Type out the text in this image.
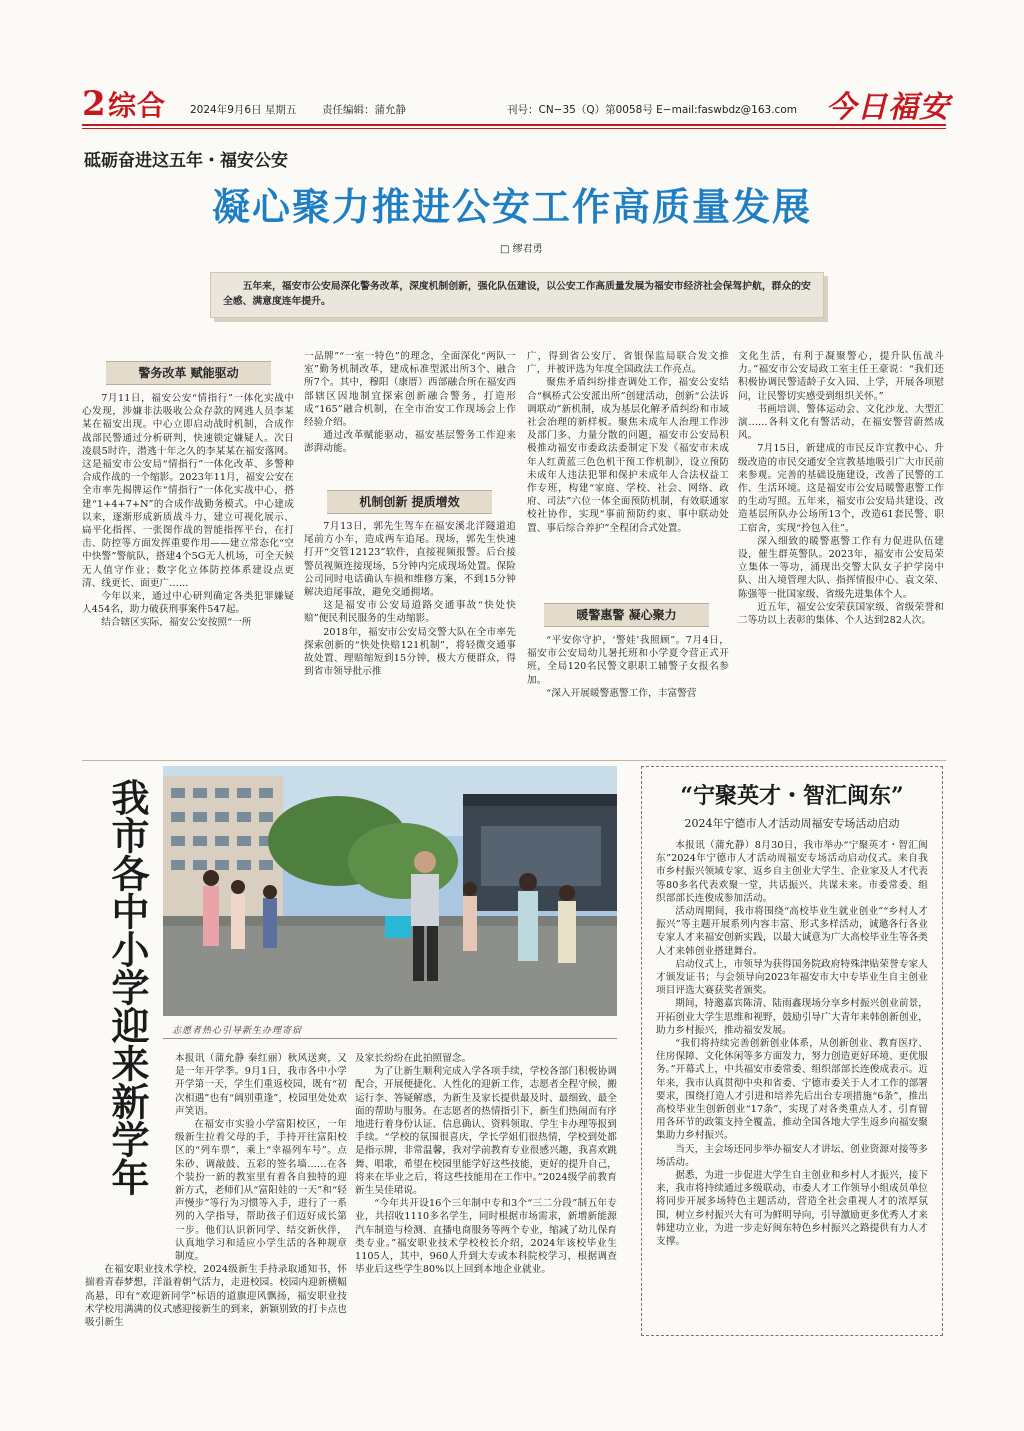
2 综合 2024年9月6日 星期五 责任编辑：蒲允静	刊号：CN−35（Q）第0058号 E−mail:faswbdz@163.com 今日福安
砥砺奋进这五年・福安公安
凝心聚力推进公安工作高质量发展
□ 缪君勇
五年来，福安市公安局深化警务改革，深度机制创新，强化队伍建设，以公安工作高质量发展为福安市经济社会保驾护航，群众的安全感、满意度连年提升。
警务改革 赋能驱动

7月11日，福安公安“情指行”一体化实战中心发现，涉嫌非法吸收公众存款的网逃人员李某某在福安出现。中心立即启动战时机制，合成作战部民警通过分析研判，快速锁定嫌疑人。次日凌晨5时许，潜逃十年之久的李某某在福安落网。这是福安市公安局“情指行”一体化改革、多警种合成作战的一个缩影。2023年11月，福安公安在全市率先揭牌运作“情指行”一体化实战中心，搭建“1+4+7+N”的合成作战勤务模式。中心建成以来，逐渐形成新质战斗力，建立可视化展示、扁平化指挥、一张图作战的智能指挥平台，在打击、防控等方面发挥重要作用——建立常态化“空中快警”警航队，搭建4个5G无人机场，可全天候无人值守作业；数字化立体防控体系建设点更清、线更长、面更广……

今年以来，通过中心研判确定各类犯罪嫌疑人454名，助力破获刑事案件547起。

结合辖区实际，福安公安按照“一所

一品牌”“一室一特色”的理念，全面深化“两队一室”勤务机制改革，建成标准型派出所3个、融合所7个。其中，穆阳（康厝）西部融合所在福安西部辖区因地制宜探索创新融合警务，打造形成“165”融合机制，在全市治安工作现场会上作经验介绍。

通过改革赋能驱动，福安基层警务工作迎来澎湃动能。

机制创新 提质增效

7月13日，郭先生驾车在福安溪北洋隧道追尾前方小车，造成两车追尾。现场，郭先生快速打开“交管12123”软件，直接视频报警。后台接警员视频连接现场，5分钟内完成现场处置。保险公司同时电话确认车损和维修方案，不到15分钟解决追尾事故，避免交通拥堵。

这是福安市公安局道路交通事故“快处快赔”便民利民服务的生动缩影。

2018年，福安市公安局交警大队在全市率先探索创新的“快处快赔121机制”，将轻微交通事故处置、理赔缩短到15分钟，极大方便群众，得到省市领导批示推

广，得到省公安厅、省银保监局联合发文推广，并被评选为年度全国政法工作亮点。

聚焦矛盾纠纷排查调处工作，福安公安结合“枫桥式公安派出所”创建活动，创新“公法诉调联动”新机制，成为基层化解矛盾纠纷和市域社会治理的新样板。聚焦未成年人治理工作涉及部门多、力量分散的问题，福安市公安局积极推动福安市委政法委制定下发《福安市未成年人红黄蓝三色色机干预工作机制》，设立预防未成年人违法犯罪和保护未成年人合法权益工作专班，构建“家庭、学校、社会、网络、政府、司法”六位一体全面预防机制，有效联通家校社协作，实现“事前预防约束、事中联动处置、事后综合养护”全程闭合式处置。

暖警惠警 凝心聚力

“平安你守护，‘警娃’我照顾”。7月4日，福安市公安局幼儿暑托班和小学夏令营正式开班，全局120名民警文职职工辅警子女报名参加。

“深入开展暖警惠警工作，丰富警营

文化生活，有利于凝聚警心，提升队伍战斗力。”福安市公安局政工室主任王豪说：“我们还积极协调民警适龄子女入园、上学，开展各项慰问，让民警切实感受到组织关怀。”

书画培训、警体运动会、文化沙龙、大型汇演……各科文化有警活动，在福安警营蔚然成风。

7月15日，新建成的市民反诈宣教中心、升级改造的市民交通安全宣教基地吸引广大市民前来参观。完善的基础设施建设，改善了民警的工作、生活环境。这是福安市公安局暖警惠警工作的生动写照。五年来，福安市公安局共建设、改造基层所队办公场所13个，改造61套民警、职工宿舍，实现“拎包入住”。

深入细致的暖警惠警工作有力促进队伍建设，催生群英警队。2023年，福安市公安局荣立集体一等功，涌现出交警大队女子护学岗中队、出入境管理大队、指挥情报中心、袁文荣、陈强等一批国家级、省级先进集体个人。

近五年，福安公安荣获国家级、省级荣誉和二等功以上表彰的集体、个人达到282人次。

我市各中小学迎来新学年 志愿者热心引导新生办理寄宿

本报讯（蒲允静 秦红丽）秋风送爽，又是一年开学季。9月1日，我市各中小学开学第一天，学生们重返校园，既有“初次相遇”也有“阔别重逢”，校园里处处欢声笑语。

在福安市实验小学富阳校区，一年级新生拉着父母的手，手持开往富阳校区的“列车票”，乘上“幸福列车号”。点朱砂、调敲鼓、五彩的签名墙……在各个装扮一新的教室里有着各自独特的迎新方式，老师们从“富阳娃的一天”和“轻声慢步”等行为习惯等入手，进行了一系列的入学指导，帮助孩子们迈好成长第一步。他们认识新同学、结交新伙伴，认真地学习和适应小学生活的各种规章制度。

在福安职业技术学校，2024级新生手持录取通知书，怀揣着青春梦想，洋溢着朝气活力，走进校园。校园内迎新横幅高悬，印有“欢迎新同学”标语的道旗迎风飘扬，福安职业技术学校用满满的仪式感迎接新生的到来，新颖别致的打卡点也吸引新生

及家长纷纷在此拍照留念。

为了让新生顺利完成入学各项手续，学校各部门积极协调配合，开展便捷化、人性化的迎新工作，志愿者全程守候，搬运行李、答疑解惑，为新生及家长提供最及时、最细致、最全面的帮助与服务。在志愿者的热情指引下，新生们热闹而有序地进行着身份认证、信息确认、资料领取、学生卡办理等报到手续。“学校的氛围很喜庆，学长学姐们很热情，学校到处都是指示牌，非常温馨，我对学前教育专业很感兴趣，我喜欢跳舞、唱歌，希望在校园里能学好这些技能，更好的提升自己，将来在毕业之后，将这些技能用在工作中。”2024级学前教育新生吴佳珺说。

“今年共开设16个三年制中专和3个“三二分段”制五年专业，共招收1110多名学生，同时根据市场需求，新增新能源汽车制造与检测、直播电商服务等两个专业，缩减了幼儿保育类专业。”福安职业技术学校校长介绍，2024年该校毕业生1105人，其中，960人升到大专或本科院校学习，根据调查毕业后这些学生80%以上回到本地企业就业。

“宁聚英才・智汇闽东”
2024年宁德市人才活动周福安专场活动启动

本报讯（蒲允静）8月30日，我市举办“宁聚英才・智汇闽东”2024年宁德市人才活动周福安专场活动启动仪式。来自我市乡村振兴领域专家、返乡自主创业大学生、企业家及人才代表等80多名代表欢聚一堂，共话振兴、共谋未来。市委常委、组织部部长连俊成参加活动。

活动周期间，我市将围绕“高校毕业生就业创业”“乡村人才振兴”等主题开展系列内容丰富、形式多样活动，诚邀各行各业专家人才来福安创新实践，以最大诚意为广大高校毕业生等各类人才来韩创业搭建舞台。

启动仪式上，市领导为获得国务院政府特殊津贴荣誉专家人才颁发证书；与会领导向2023年福安市大中专毕业生自主创业项目评选大赛获奖者颁奖。

期间，特邀嘉宾陈清、陆雨鑫现场分享乡村振兴创业前景，开拓创业大学生思维和视野，鼓励引导广大青年来韩创新创业，助力乡村振兴，推动福安发展。

“我们将持续完善创新创业体系，从创新创业、教育医疗、住房保障、文化休闲等多方面发力，努力创造更好环境、更优服务。”开幕式上，中共福安市委常委、组织部部长连俊成表示。近年来，我市认真贯彻中央和省委、宁德市委关于人才工作的部署要求，围绕打造人才引进和培养先后出台专项措施“6条”，推出高校毕业生创新创业“17条”，实现了对各类重点人才、引育留用各环节的政策支持全覆盖，推动全国各地大学生返乡向福安聚集助力乡村振兴。

当天，主会场还同步举办福安人才讲坛、创业资源对接等多场活动。

据悉，为进一步促进大学生自主创业和乡村人才振兴，接下来，我市将持续通过多级联动，市委人才工作领导小组成员单位将同步开展多场特色主题活动，营造全社会重视人才的浓厚氛围，树立乡村振兴大有可为鲜明导向，引导激励更多优秀人才来韩建功立业，为进一步走好闽东特色乡村振兴之路提供有力人才支撑。
